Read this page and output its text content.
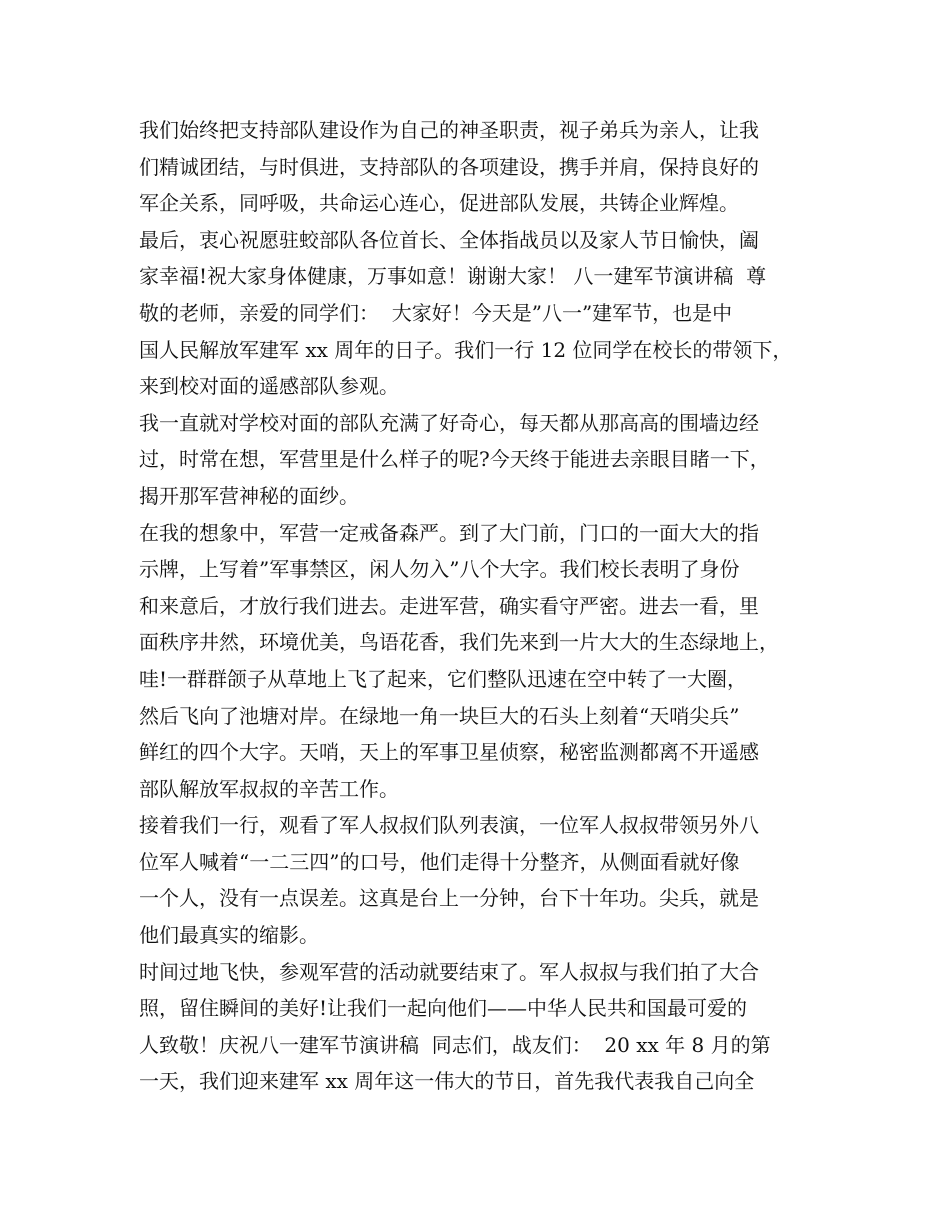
我们始终把支持部队建设作为自己的神圣职责，视子弟兵为亲人，让我
们精诚团结，与时俱进，支持部队的各项建设，携手并肩，保持良好的
军企关系，同呼吸，共命运心连心，促进部队发展，共铸企业辉煌。
最后，衷心祝愿驻蛟部队各位首长、全体指战员以及家人节日愉快，阖
家幸福!祝大家身体健康，万事如意！谢谢大家！ 八一建军节演讲稿  尊
敬的老师，亲爱的同学们：  大家好！今天是”八一”建军节，也是中
国人民解放军建军 xx 周年的日子。我们一行 12 位同学在校长的带领下，
来到校对面的遥感部队参观。
我一直就对学校对面的部队充满了好奇心，每天都从那高高的围墙边经
过，时常在想，军营里是什么样子的呢?今天终于能进去亲眼目睹一下，
揭开那军营神秘的面纱。
在我的想象中，军营一定戒备森严。到了大门前，门口的一面大大的指
示牌，上写着”军事禁区，闲人勿入”八个大字。我们校长表明了身份
和来意后，才放行我们进去。走进军营，确实看守严密。进去一看，里
面秩序井然，环境优美，鸟语花香，我们先来到一片大大的生态绿地上，
哇!一群群颌子从草地上飞了起来，它们整队迅速在空中转了一大圈，
然后飞向了池塘对岸。在绿地一角一块巨大的石头上刻着“天哨尖兵”
鲜红的四个大字。天哨，天上的军事卫星侦察，秘密监测都离不开遥感
部队解放军叔叔的辛苦工作。
接着我们一行，观看了军人叔叔们队列表演，一位军人叔叔带领另外八
位军人喊着“一二三四”的口号，他们走得十分整齐，从侧面看就好像
一个人，没有一点误差。这真是台上一分钟，台下十年功。尖兵，就是
他们最真实的缩影。
时间过地飞快，参观军营的活动就要结束了。军人叔叔与我们拍了大合
照，留住瞬间的美好!让我们一起向他们——中华人民共和国最可爱的
人致敬！庆祝八一建军节演讲稿  同志们，战友们：  20 xx 年 8 月的第
一天，我们迎来建军 xx 周年这一伟大的节日，首先我代表我自己向全
